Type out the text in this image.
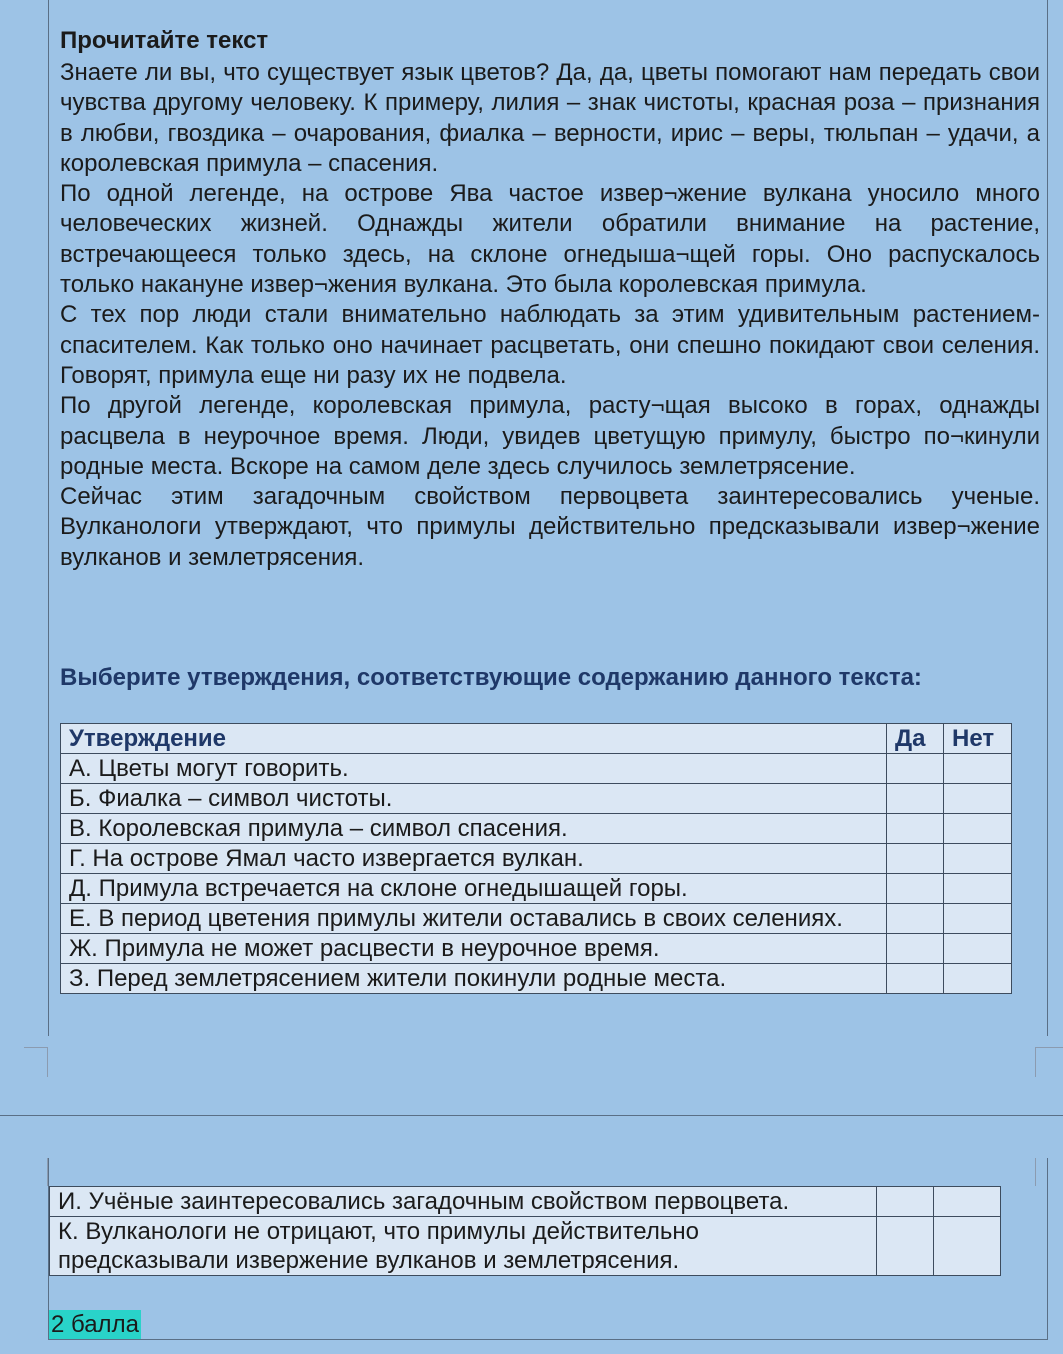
Прочитайте текст

Знаете ли вы, что существует язык цветов? Да, да, цветы помогают нам передать свои чувства другому человеку. К примеру, лилия – знак чистоты, красная роза – признания в любви, гвоздика – очарования, фиалка – верности, ирис – веры, тюльпан – удачи, а королевская примула – спасения.

По одной легенде, на острове Ява частое извер¬жение вулкана уносило много человеческих жизней. Однажды жители обратили внимание на растение, встречающееся только здесь, на склоне огнедыша¬щей горы. Оно распускалось только накануне извер¬жения вулкана. Это была королевская примула.

С тех пор люди стали внимательно наблюдать за этим удивительным растением-спасителем. Как только оно начинает расцветать, они спешно покидают свои селения. Говорят, примула еще ни разу их не подвела.

По другой легенде, королевская примула, расту¬щая высоко в горах, однажды расцвела в неурочное время. Люди, увидев цветущую примулу, быстро по¬кинули родные места. Вскоре на самом деле здесь случилось землетрясение.

Сейчас этим загадочным свойством первоцвета заинтересовались ученые. Вулканологи утверждают, что примулы действительно предсказывали извер¬жение вулканов и землетрясения.

Выберите утверждения, соответствующие содержанию данного текста:
Утверждение	Да	Нет
А. Цветы могут говорить.		
Б. Фиалка – символ чистоты.		
В. Королевская примула – символ спасения.		
Г. На острове Ямал часто извергается вулкан.		
Д. Примула встречается на склоне огнедышащей горы.		
Е. В период цветения примулы жители оставались в своих селениях.		
Ж. Примула не может расцвести в неурочное время.		
З. Перед землетрясением жители покинули родные места.		
И. Учёные заинтересовались загадочным свойством первоцвета.		
К. Вулканологи не отрицают, что примулы действительно предсказывали извержение вулканов и землетрясения.		
2 балла
